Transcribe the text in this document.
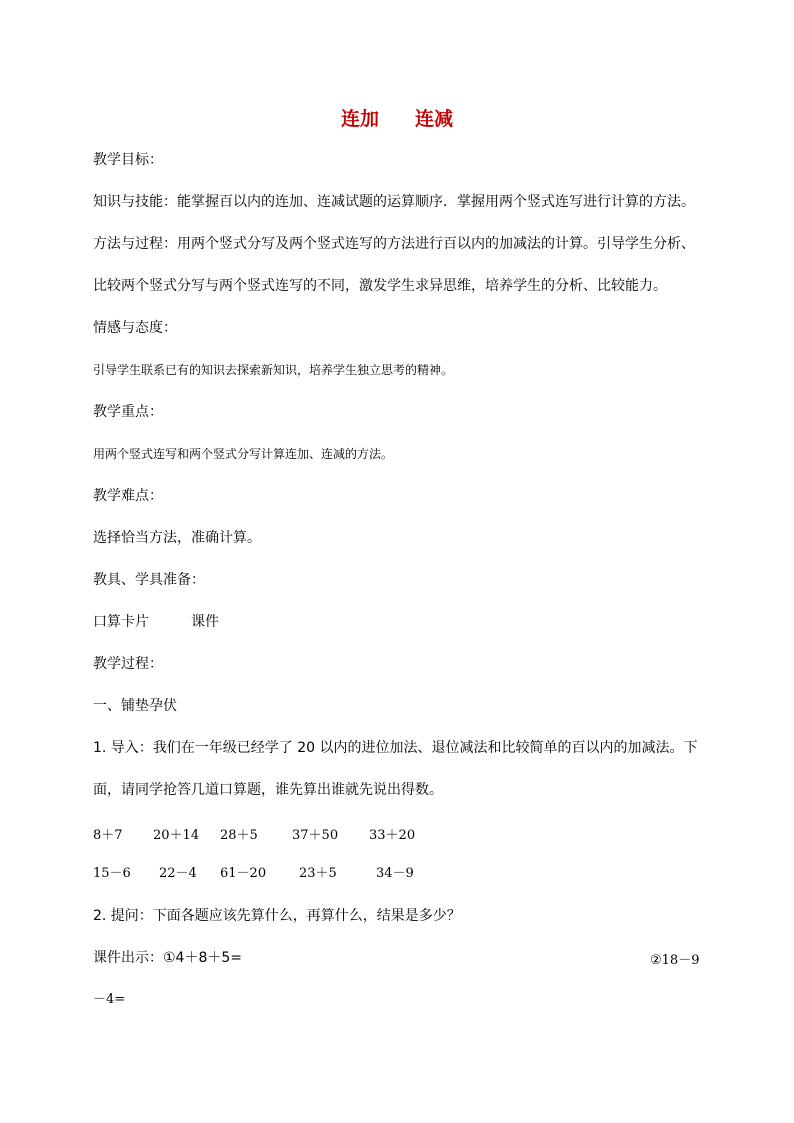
连加 连减
教学目标：
知识与技能：能掌握百以内的连加、连减试题的运算顺序．掌握用两个竖式连写进行计算的方法。
方法与过程：用两个竖式分写及两个竖式连写的方法进行百以内的加减法的计算。引导学生分析、
比较两个竖式分写与两个竖式连写的不同，激发学生求异思维，培养学生的分析、比较能力。
情感与态度：
引导学生联系已有的知识去探索新知识，培养学生独立思考的精神。
教学重点：
用两个竖式连写和两个竖式分写计算连加、连减的方法。
教学难点：
选择恰当方法，准确计算。
教具、学具准备：
口算卡片	课件
教学过程：
一、铺垫孕伏
1. 导入：我们在一年级已经学了 20 以内的进位加法、退位减法和比较简单的百以内的加减法。下
面，请同学抢答几道口算题，谁先算出谁就先说出得数。
8＋7 20＋14 28＋5	37＋50 33＋20
15－6 22－4 61－20	23＋5	34－9
2. 提问：下面各题应该先算什么，再算什么，结果是多少？
课件出示：①4＋8＋5=	②18－9
－4=
